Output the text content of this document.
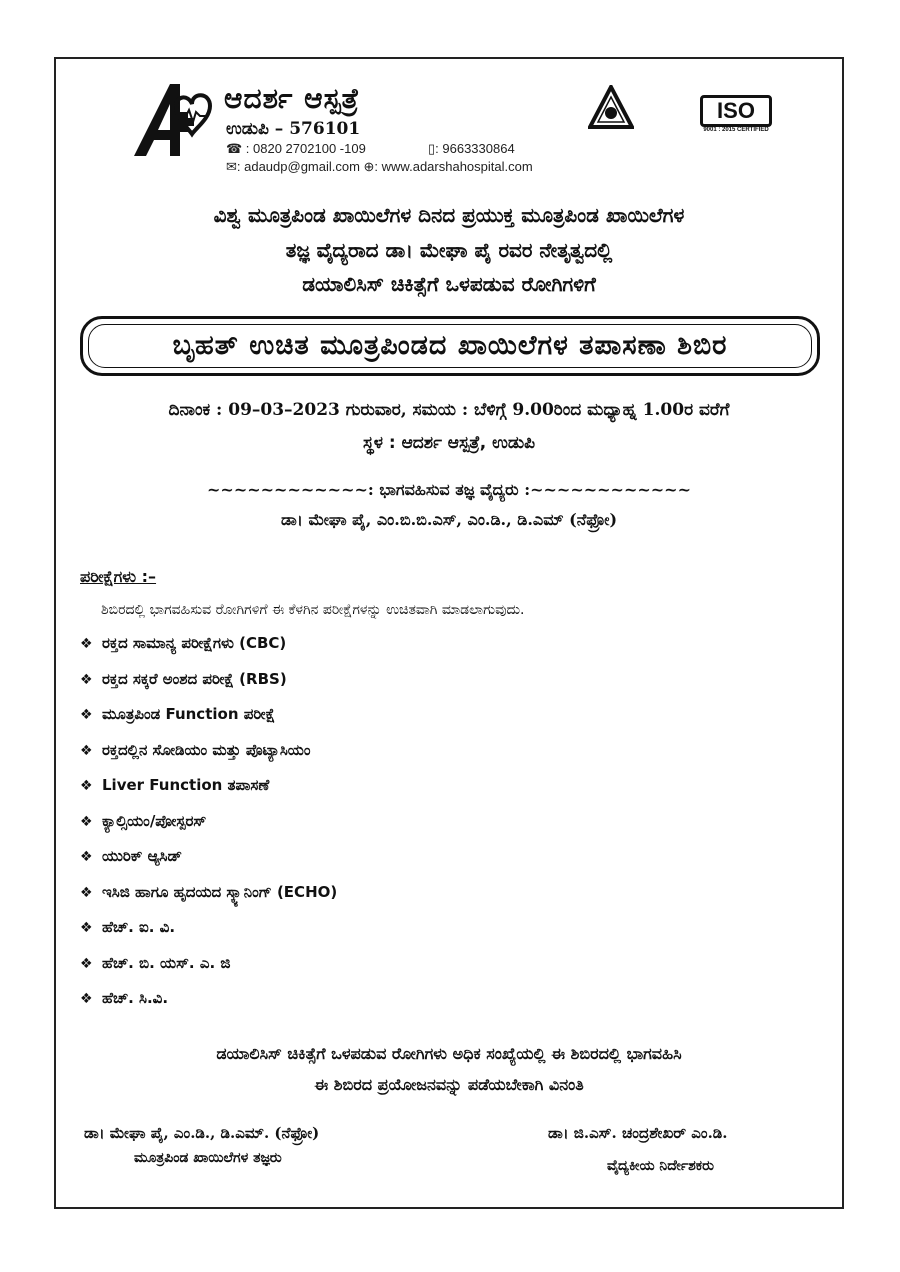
ಆದರ್ಶ ಆಸ್ಪತ್ರೆ
ಉಡುಪಿ – 576101
☎ : 0820 2702100 -109	▯: 9663330864
✉: adaudp@gmail.com ⊕: www.adarshahospital.com
ISO
9001 : 2015 CERTIFIED
ವಿಶ್ವ ಮೂತ್ರಪಿಂಡ ಖಾಯಿಲೆಗಳ ದಿನದ ಪ್ರಯುಕ್ತ ಮೂತ್ರಪಿಂಡ ಖಾಯಿಲೆಗಳ
ತಜ್ಞ ವೈದ್ಯರಾದ ಡಾ। ಮೇಘಾ ಪೈ ರವರ ನೇತೃತ್ವದಲ್ಲಿ
ಡಯಾಲಿಸಿಸ್ ಚಿಕಿತ್ಸೆಗೆ ಒಳಪಡುವ ರೋಗಿಗಳಿಗೆ
ಬೃಹತ್ ಉಚಿತ ಮೂತ್ರಪಿಂಡದ ಖಾಯಿಲೆಗಳ ತಪಾಸಣಾ ಶಿಬಿರ
ದಿನಾಂಕ : 09–03–2023 ಗುರುವಾರ, ಸಮಯ : ಬೆಳಿಗ್ಗೆ 9.00ರಿಂದ ಮಧ್ಯಾಹ್ನ 1.00ರ ವರೆಗೆ
ಸ್ಥಳ : ಆದರ್ಶ ಆಸ್ಪತ್ರೆ, ಉಡುಪಿ
~~~~~~~~~~~~: ಭಾಗವಹಿಸುವ ತಜ್ಞ ವೈದ್ಯರು :~~~~~~~~~~~~
ಡಾ। ಮೇಘಾ ಪೈ, ಎಂ.ಬಿ.ಬಿ.ಎಸ್, ಎಂ.ಡಿ., ಡಿ.ಎಮ್ (ನೆಫ್ರೋ)
ಪರೀಕ್ಷೆಗಳು :–
ಶಿಬಿರದಲ್ಲಿ ಭಾಗವಹಿಸುವ ರೋಗಿಗಳಿಗೆ ಈ ಕೆಳಗಿನ ಪರೀಕ್ಷೆಗಳನ್ನು ಉಚಿತವಾಗಿ ಮಾಡಲಾಗುವುದು.
❖ ರಕ್ತದ ಸಾಮಾನ್ಯ ಪರೀಕ್ಷೆಗಳು (CBC)
❖ ರಕ್ತದ ಸಕ್ಕರೆ ಅಂಶದ ಪರೀಕ್ಷೆ (RBS)
❖ ಮೂತ್ರಪಿಂಡ Function ಪರೀಕ್ಷೆ
❖ ರಕ್ತದಲ್ಲಿನ ಸೋಡಿಯಂ ಮತ್ತು ಪೊಟ್ಯಾಸಿಯಂ
❖ Liver Function ತಪಾಸಣೆ
❖ ಕ್ಯಾಲ್ಸಿಯಂ/ಪೋಸ್ಪರಸ್
❖ ಯುರಿಕ್ ಆ್ಯಸಿಡ್
❖ ಇಸಿಜಿ ಹಾಗೂ ಹೃದಯದ ಸ್ಕ್ಯಾನಿಂಗ್ (ECHO)
❖ ಹೆಚ್. ಐ. ವಿ.
❖ ಹೆಚ್. ಬಿ. ಯಸ್. ಎ. ಜಿ
❖ ಹೆಚ್. ಸಿ.ವಿ.
ಡಯಾಲಿಸಿಸ್ ಚಿಕಿತ್ಸೆಗೆ ಒಳಪಡುವ ರೋಗಿಗಳು ಅಧಿಕ ಸಂಖ್ಯೆಯಲ್ಲಿ ಈ ಶಿಬಿರದಲ್ಲಿ ಭಾಗವಹಿಸಿ
ಈ ಶಿಬಿರದ ಪ್ರಯೋಜನವನ್ನು ಪಡೆಯಬೇಕಾಗಿ ವಿನಂತಿ
ಡಾ। ಮೇಘಾ ಪೈ, ಎಂ.ಡಿ., ಡಿ.ಎಮ್. (ನೆಫ್ರೋ)
ಮೂತ್ರಪಿಂಡ ಖಾಯಿಲೆಗಳ ತಜ್ಞರು
ಡಾ। ಜಿ.ಎಸ್. ಚಂದ್ರಶೇಖರ್ ಎಂ.ಡಿ.
ವೈದ್ಯಕೀಯ ನಿರ್ದೇಶಕರು
